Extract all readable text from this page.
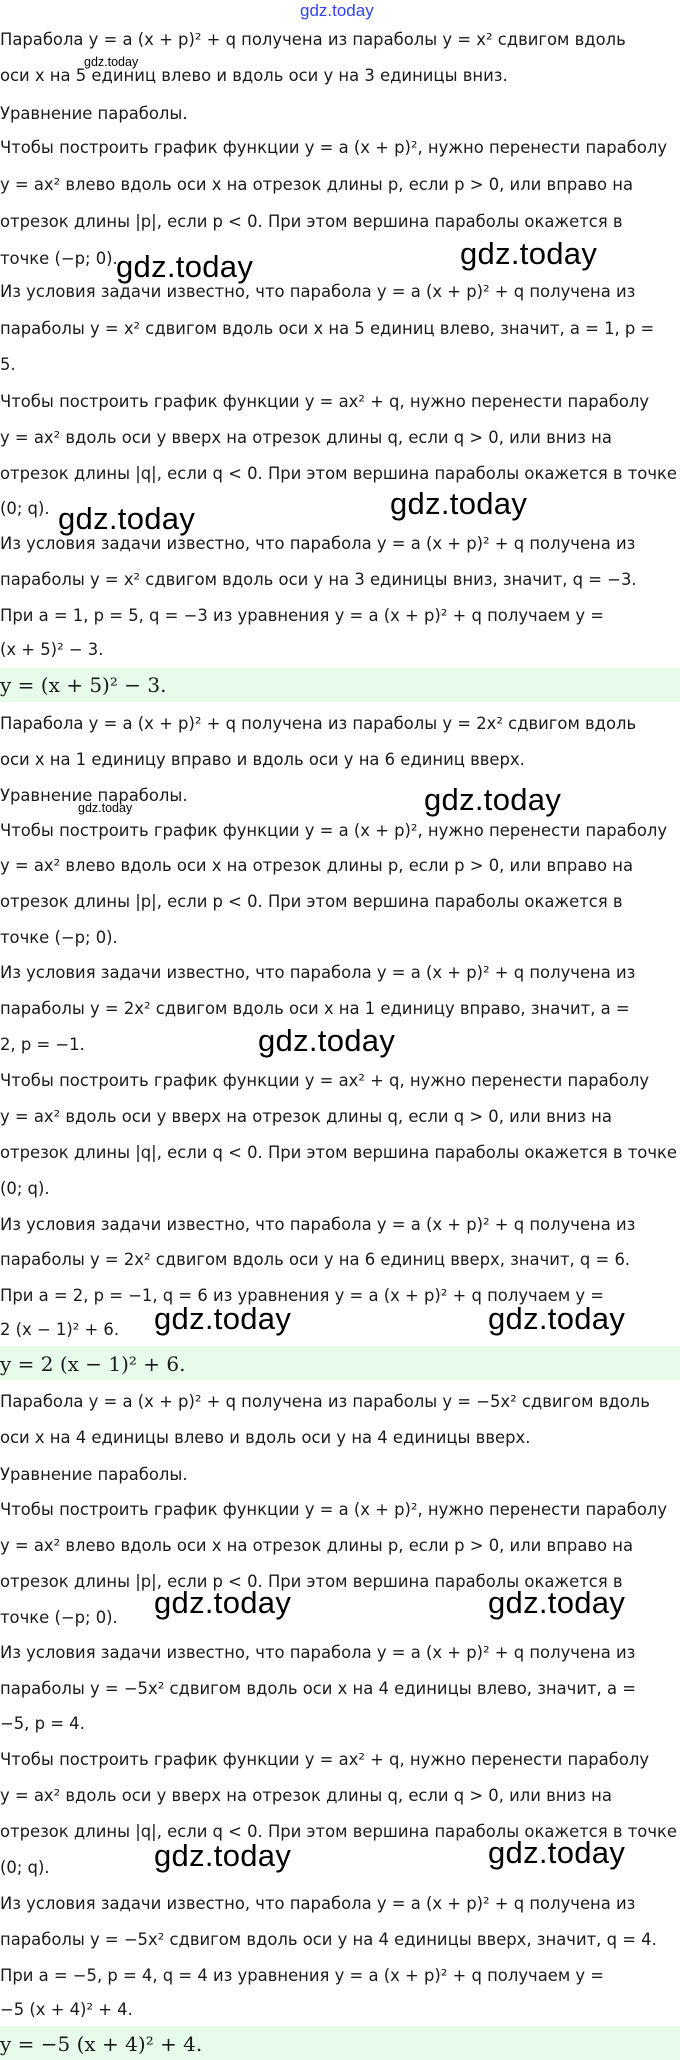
gdz.today
Парабола y = a (x + p)² + q получена из параболы y = x² сдвигом вдоль
оси x на 5 единиц влево и вдоль оси y на 3 единицы вниз.
Уравнение параболы.
Чтобы построить график функции y = a (x + p)², нужно перенести параболу
y = ax² влево вдоль оси x на отрезок длины p, если p > 0, или вправо на
отрезок длины |p|, если p < 0. При этом вершина параболы окажется в
точке (−p; 0).
Из условия задачи известно, что парабола y = a (x + p)² + q получена из
параболы y = x² сдвигом вдоль оси x на 5 единиц влево, значит, a = 1, p =
5.
Чтобы построить график функции y = ax² + q, нужно перенести параболу
y = ax² вдоль оси y вверх на отрезок длины q, если q > 0, или вниз на
отрезок длины |q|, если q < 0. При этом вершина параболы окажется в точке
(0; q).
Из условия задачи известно, что парабола y = a (x + p)² + q получена из
параболы y = x² сдвигом вдоль оси y на 3 единицы вниз, значит, q = −3.
При a = 1, p = 5, q = −3 из уравнения y = a (x + p)² + q получаем y =
(x + 5)² − 3.
y = (x + 5)² − 3.
Парабола y = a (x + p)² + q получена из параболы y = 2x² сдвигом вдоль
оси x на 1 единицу вправо и вдоль оси y на 6 единиц вверх.
Уравнение параболы.
Чтобы построить график функции y = a (x + p)², нужно перенести параболу
y = ax² влево вдоль оси x на отрезок длины p, если p > 0, или вправо на
отрезок длины |p|, если p < 0. При этом вершина параболы окажется в
точке (−p; 0).
Из условия задачи известно, что парабола y = a (x + p)² + q получена из
параболы y = 2x² сдвигом вдоль оси x на 1 единицу вправо, значит, a =
2, p = −1.
Чтобы построить график функции y = ax² + q, нужно перенести параболу
y = ax² вдоль оси y вверх на отрезок длины q, если q > 0, или вниз на
отрезок длины |q|, если q < 0. При этом вершина параболы окажется в точке
(0; q).
Из условия задачи известно, что парабола y = a (x + p)² + q получена из
параболы y = 2x² сдвигом вдоль оси y на 6 единиц вверх, значит, q = 6.
При a = 2, p = −1, q = 6 из уравнения y = a (x + p)² + q получаем y =
2 (x − 1)² + 6.
y = 2 (x − 1)² + 6.
Парабола y = a (x + p)² + q получена из параболы y = −5x² сдвигом вдоль
оси x на 4 единицы влево и вдоль оси y на 4 единицы вверх.
Уравнение параболы.
Чтобы построить график функции y = a (x + p)², нужно перенести параболу
y = ax² влево вдоль оси x на отрезок длины p, если p > 0, или вправо на
отрезок длины |p|, если p < 0. При этом вершина параболы окажется в
точке (−p; 0).
Из условия задачи известно, что парабола y = a (x + p)² + q получена из
параболы y = −5x² сдвигом вдоль оси x на 4 единицы влево, значит, a =
−5, p = 4.
Чтобы построить график функции y = ax² + q, нужно перенести параболу
y = ax² вдоль оси y вверх на отрезок длины q, если q > 0, или вниз на
отрезок длины |q|, если q < 0. При этом вершина параболы окажется в точке
(0; q).
Из условия задачи известно, что парабола y = a (x + p)² + q получена из
параболы y = −5x² сдвигом вдоль оси y на 4 единицы вверх, значит, q = 4.
При a = −5, p = 4, q = 4 из уравнения y = a (x + p)² + q получаем y =
−5 (x + 4)² + 4.
y = −5 (x + 4)² + 4.
gdz.today
gdz.today
gdz.today	gdz.today
gdz.today	gdz.today
gdz.today
gdz.today
gdz.today	gdz.today
gdz.today	gdz.today
gdz.today	gdz.today
